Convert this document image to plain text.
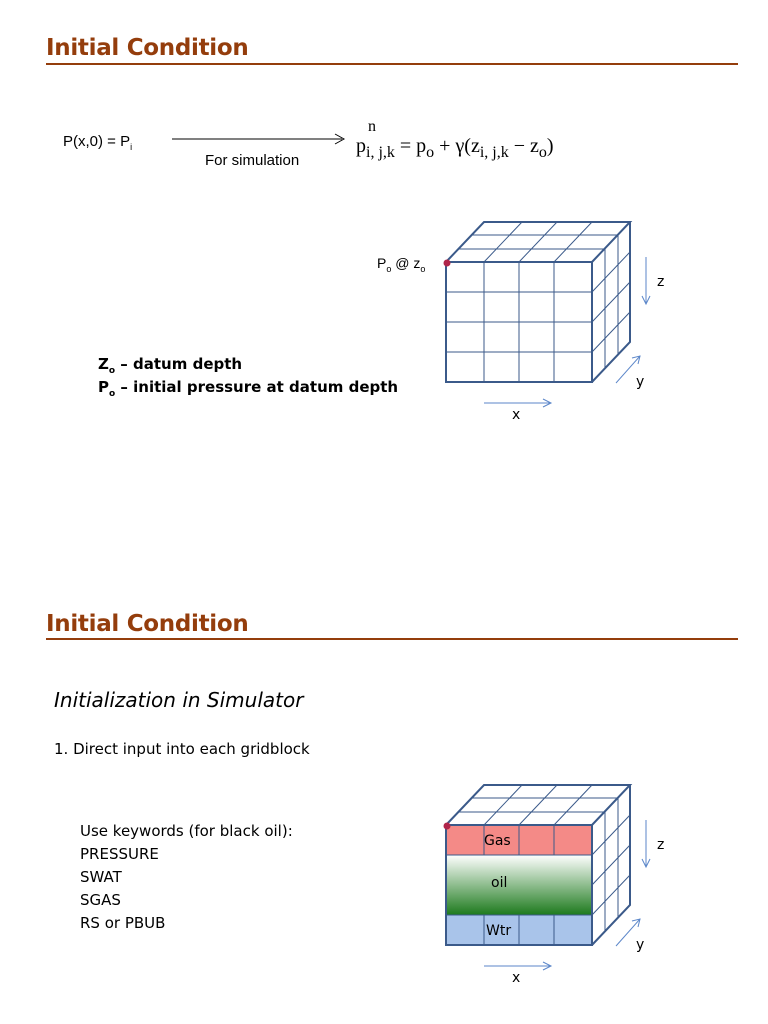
Initial Condition
$P(x,0) = P_i$
For simulation
n
$p_{i, j,k} = p_o + \gamma(z_{i, j,k} - z_o)$
$P_o$ @ $z_o$
z
y
x
$Z_o$ – datum depth
$P_o$ – initial pressure at datum depth
Initial Condition
Initialization in Simulator
1. Direct input into each gridblock
Use keywords (for black oil):
PRESSURE
SWAT
SGAS
RS or PBUB
Gas
oil
Wtr
z
y
x
